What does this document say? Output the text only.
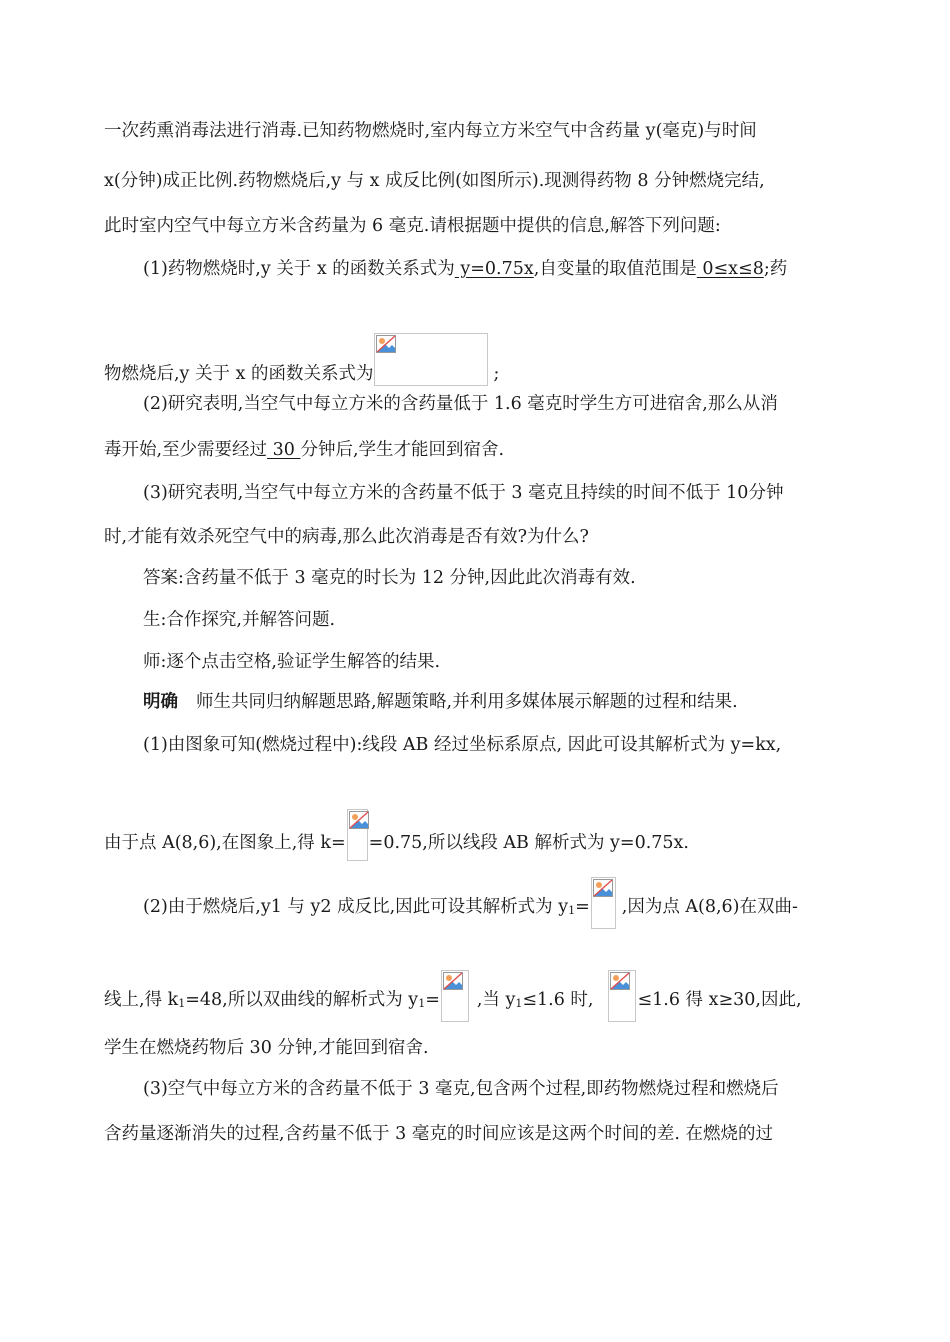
一次药熏消毒法进行消毒.已知药物燃烧时,室内每立方米空气中含药量 y(毫克)与时间
x(分钟)成正比例.药物燃烧后,y 与 x 成反比例(如图所示).现测得药物 8 分钟燃烧完结,
此时室内空气中每立方米含药量为 6 毫克.请根据题中提供的信息,解答下列问题:
(1)药物燃烧时,y 关于 x 的函数关系式为 y=0.75x,自变量的取值范围是 0≤x≤8;药
物燃烧后,y 关于 x 的函数关系式为	;
(2)研究表明,当空气中每立方米的含药量低于 1.6 毫克时学生方可进宿舍,那么从消
毒开始,至少需要经过 30 分钟后,学生才能回到宿舍.
(3)研究表明,当空气中每立方米的含药量不低于 3 毫克且持续的时间不低于 10分钟
时,才能有效杀死空气中的病毒,那么此次消毒是否有效?为什么?
答案:含药量不低于 3 毫克的时长为 12 分钟,因此此次消毒有效.
生:合作探究,并解答问题.
师:逐个点击空格,验证学生解答的结果.
明确 师生共同归纳解题思路,解题策略,并利用多媒体展示解题的过程和结果.
(1)由图象可知(燃烧过程中):线段 AB 经过坐标系原点, 因此可设其解析式为 y=kx,
由于点 A(8,6),在图象上,得 k= =0.75,所以线段 AB 解析式为 y=0.75x.
(2)由于燃烧后,y1 与 y2 成反比,因此可设其解析式为 $y_1=$ ,因为点 A(8,6)在双曲-
线上,得 $k_1=48$,所以双曲线的解析式为 $y_1=$ ,当 $y_1\le 1.6$ 时,	≤1.6 得 x≥30,因此,
学生在燃烧药物后 30 分钟,才能回到宿舍.
(3)空气中每立方米的含药量不低于 3 毫克,包含两个过程,即药物燃烧过程和燃烧后
含药量逐渐消失的过程,含药量不低于 3 毫克的时间应该是这两个时间的差. 在燃烧的过
